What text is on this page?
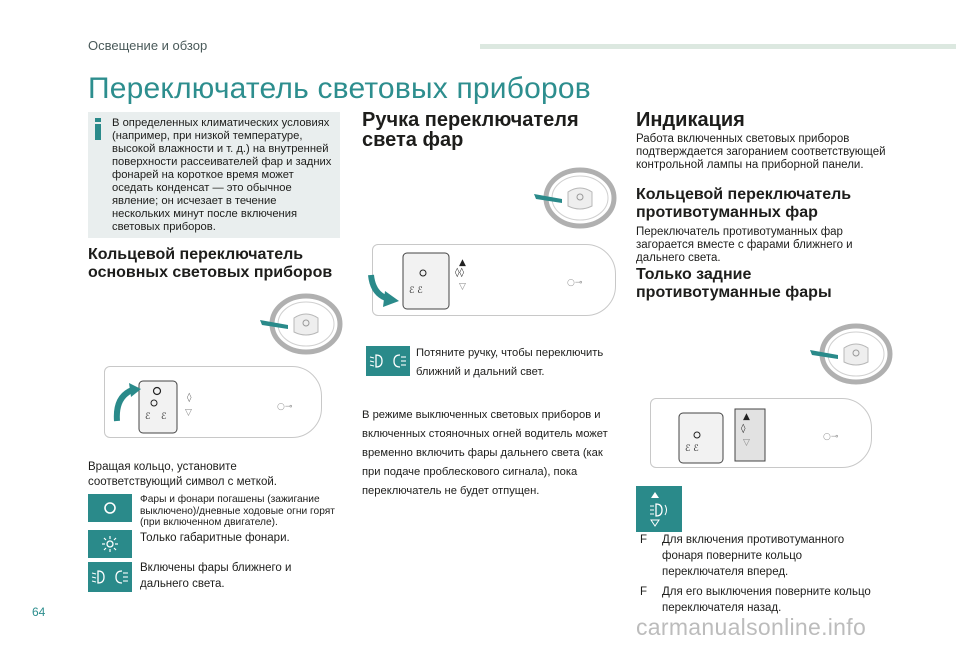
Освещение и обзор
Переключатель световых приборов
В определенных климатических условиях (например, при низкой температуре, высокой влажности и т. д.) на внутренней поверхности рассеивателей фар и задних фонарей на короткое время может оседать конденсат — это обычное явление; он исчезает в течение нескольких минут после включения световых приборов.
Кольцевой переключатель основных световых приборов
ℰ ℰ
◊
▽
○⊸
Вращая кольцо, установите соответствующий символ с меткой.
Фары и фонари погашены (зажигание выключено)/дневные ходовые огни горят (при включенном двигателе).
Только габаритные фонари.
Включены фары ближнего и дальнего света.
Ручка переключателя света фар
ℰ ℰ
▲
◊◊
▽	○⊸
Потяните ручку, чтобы переключить ближний и дальний свет.
В режиме выключенных световых приборов и включенных стояночных огней водитель может временно включить фары дальнего света (как при подаче проблескового сигнала), пока переключатель не будет отпущен.
Индикация
Работа включенных световых приборов подтверждается загоранием соответствующей контрольной лампы на приборной панели.
Кольцевой переключатель противотуманных фар
Переключатель противотуманных фар загорается вместе с фарами ближнего и дальнего света.
Только задние противотуманные фары
ℰ ℰ
▲
◊
▽
○⊸
F Для включения противотуманного фонаря поверните кольцо переключателя вперед.
F Для его выключения поверните кольцо переключателя назад.
64
carmanualsonline.info
